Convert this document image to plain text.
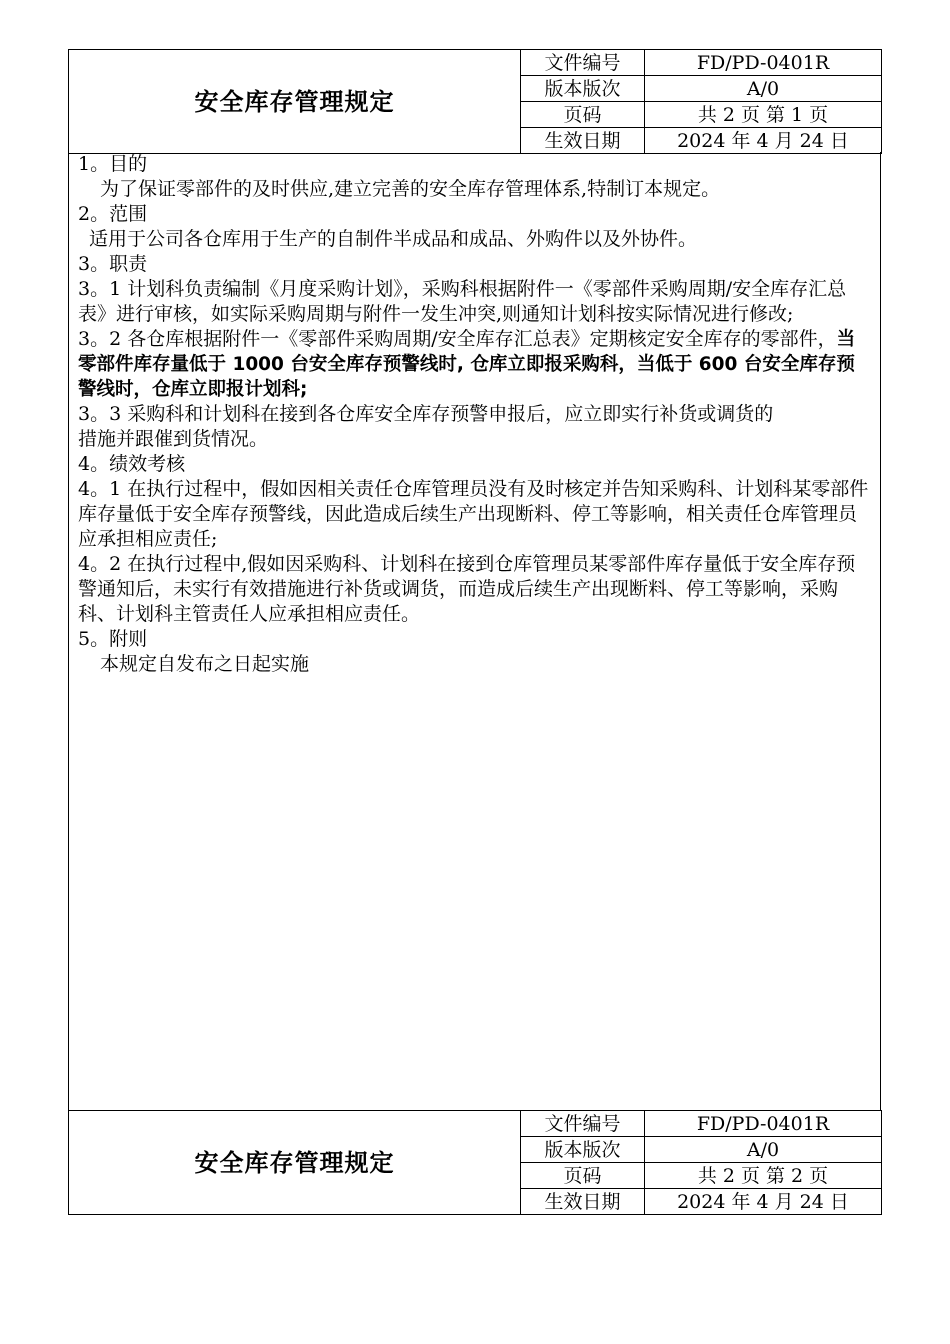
安全库存管理规定	文件编号	FD/PD-0401R
	版本版次	A/0
	页码	共 2 页 第 1 页
	生效日期	2024 年 4 月 24 日

1。目的

为了保证零部件的及时供应,建立完善的安全库存管理体系,特制订本规定。

2。范围

适用于公司各仓库用于生产的自制件半成品和成品、外购件以及外协件。

3。职责

3。1 计划科负责编制《月度采购计划》，采购科根据附件一《零部件采购周期/安全库存汇总表》进行审核，如实际采购周期与附件一发生冲突,则通知计划科按实际情况进行修改;

3。2 各仓库根据附件一《零部件采购周期/安全库存汇总表》定期核定安全库存的零部件，当零部件库存量低于 1000 台安全库存预警线时, 仓库立即报采购科，当低于 600 台安全库存预警线时，仓库立即报计划科;

3。3 采购科和计划科在接到各仓库安全库存预警申报后，应立即实行补货或调货的

措施并跟催到货情况。

4。绩效考核

4。1 在执行过程中，假如因相关责任仓库管理员没有及时核定并告知采购科、计划科某零部件库存量低于安全库存预警线，因此造成后续生产出现断料、停工等影响，相关责任仓库管理员应承担相应责任;

4。2 在执行过程中,假如因采购科、计划科在接到仓库管理员某零部件库存量低于安全库存预警通知后，未实行有效措施进行补货或调货，而造成后续生产出现断料、停工等影响，采购科、计划科主管责任人应承担相应责任。

5。附则

本规定自发布之日起实施

安全库存管理规定	文件编号	FD/PD-0401R
	版本版次	A/0
	页码	共 2 页 第 2 页
	生效日期	2024 年 4 月 24 日
